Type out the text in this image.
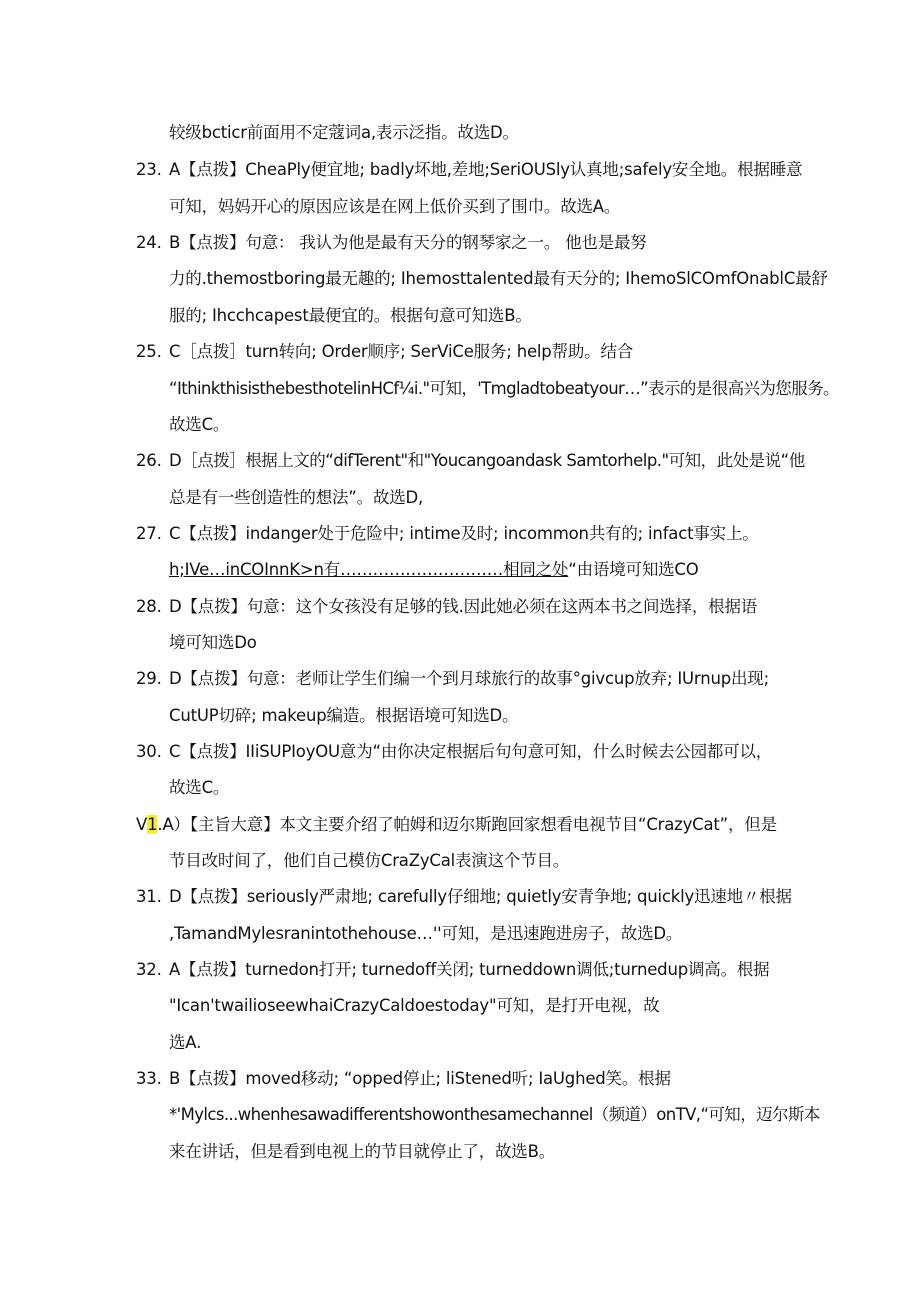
较级bcticr前面用不定蔻词a,表示泛指。故选D。
23. A【点拨】CheaPly便宜地; badly坏地,差地;SeriOUSly认真地;safely安全地。根据睡意
可知，妈妈开心的原因应该是在网上低价买到了围巾。故选A。
24. B【点拨】句意： 我认为他是最有天分的钢琴家之一。 他也是最努
力的.themostboring最无趣的; Ihemosttalented最有天分的; IhemoSlCOmfOnablC最舒
服的; Ihcchcapest最便宜的。根据句意可知选B。
25. C［点拨］turn转向; Order顺序; SerViCe服务; help帮助。结合
“IthinkthisisthebesthotelinHCf¼i."可知，'Tmgladtobeatyour…”表示的是很高兴为您服务。
故选C。
26. D［点拨］根据上文的“difTerent"和"Youcangoandask Samtorhelp."可知，此处是说“他
总是有一些创造性的想法”。故选D,
27. C【点拨】indanger处于危险中; intime及时; incommon共有的; infact事实上。
h;IVe…inCOInnK>n有…………………………相同之处“由语境可知选CO
28. D【点拨】句意：这个女孩没有足够的钱.因此她必须在这两本书之间选择，根据语
境可知选Do
29. D【点拨】句意：老师让学生们编一个到月球旅行的故事°givcup放弃; IUrnup出现;
CutUP切碎; makeup编造。根据语境可知选D。
30. C【点拨】IIiSUPIoyOU意为“由你决定根据后句句意可知，什么时候去公园都可以，
故选C。
V1.A）【主旨大意】本文主要介绍了帕姆和迈尔斯跑回家想看电视节目“CrazyCat”，但是
节目改时间了，他们自己模仿CraZyCal表演这个节目。
31. D【点拨】seriously严肃地; carefully仔细地; quietly安青争地; quickly迅速地〃根据
,TamandMylesranintothehouse…''可知，是迅速跑进房子，故选D。
32. A【点拨】turnedon打开; turnedoff关闭; turneddown调低;turnedup调高。根据
"Ican'twailioseewhaiCrazyCaldoestoday"可知，是打开电视，故
选A.
33. B【点拨】moved移动; “opped停止; liStened听; IaUghed笑。根据
*'Mylcs...whenhesawadifferentshowonthesamechannel（频道）onTV,“可知，迈尔斯本
来在讲话，但是看到电视上的节目就停止了，故选B。
